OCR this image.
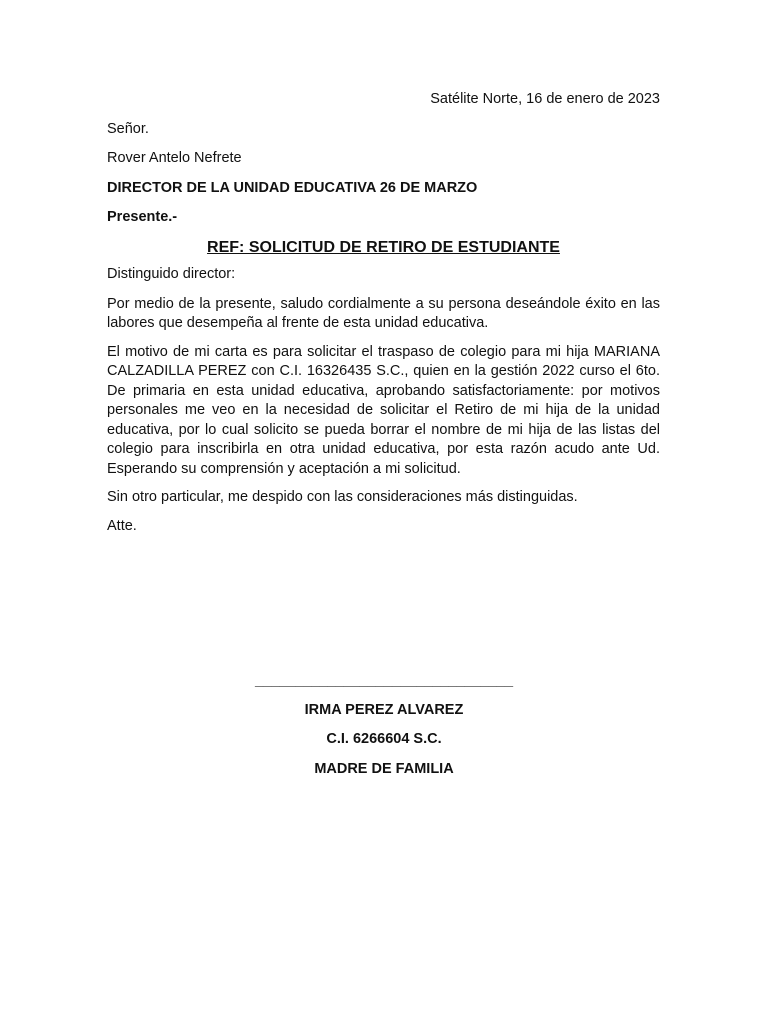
Satélite Norte, 16 de enero de 2023

Señor.

Rover Antelo Nefrete

DIRECTOR DE LA UNIDAD EDUCATIVA 26 DE MARZO

Presente.-

REF: SOLICITUD DE RETIRO DE ESTUDIANTE

Distinguido director:

Por medio de la presente, saludo cordialmente a su persona deseándole éxito en las labores que desempeña al frente de esta unidad educativa.

El motivo de mi carta es para solicitar el traspaso de colegio para mi hija MARIANA CALZADILLA PEREZ con C.I. 16326435 S.C., quien en la gestión 2022 curso el 6to. De primaria en esta unidad educativa, aprobando satisfactoriamente: por motivos personales me veo en la necesidad de solicitar el Retiro de mi hija de la unidad educativa, por lo cual solicito se pueda borrar el nombre de mi hija de las listas del colegio para inscribirla en otra unidad educativa, por esta razón acudo ante Ud. Esperando su comprensión y aceptación a mi solicitud.

Sin otro particular, me despido con las consideraciones más distinguidas.

Atte.

________________________________

IRMA PEREZ ALVAREZ

C.I. 6266604 S.C.

MADRE DE FAMILIA
